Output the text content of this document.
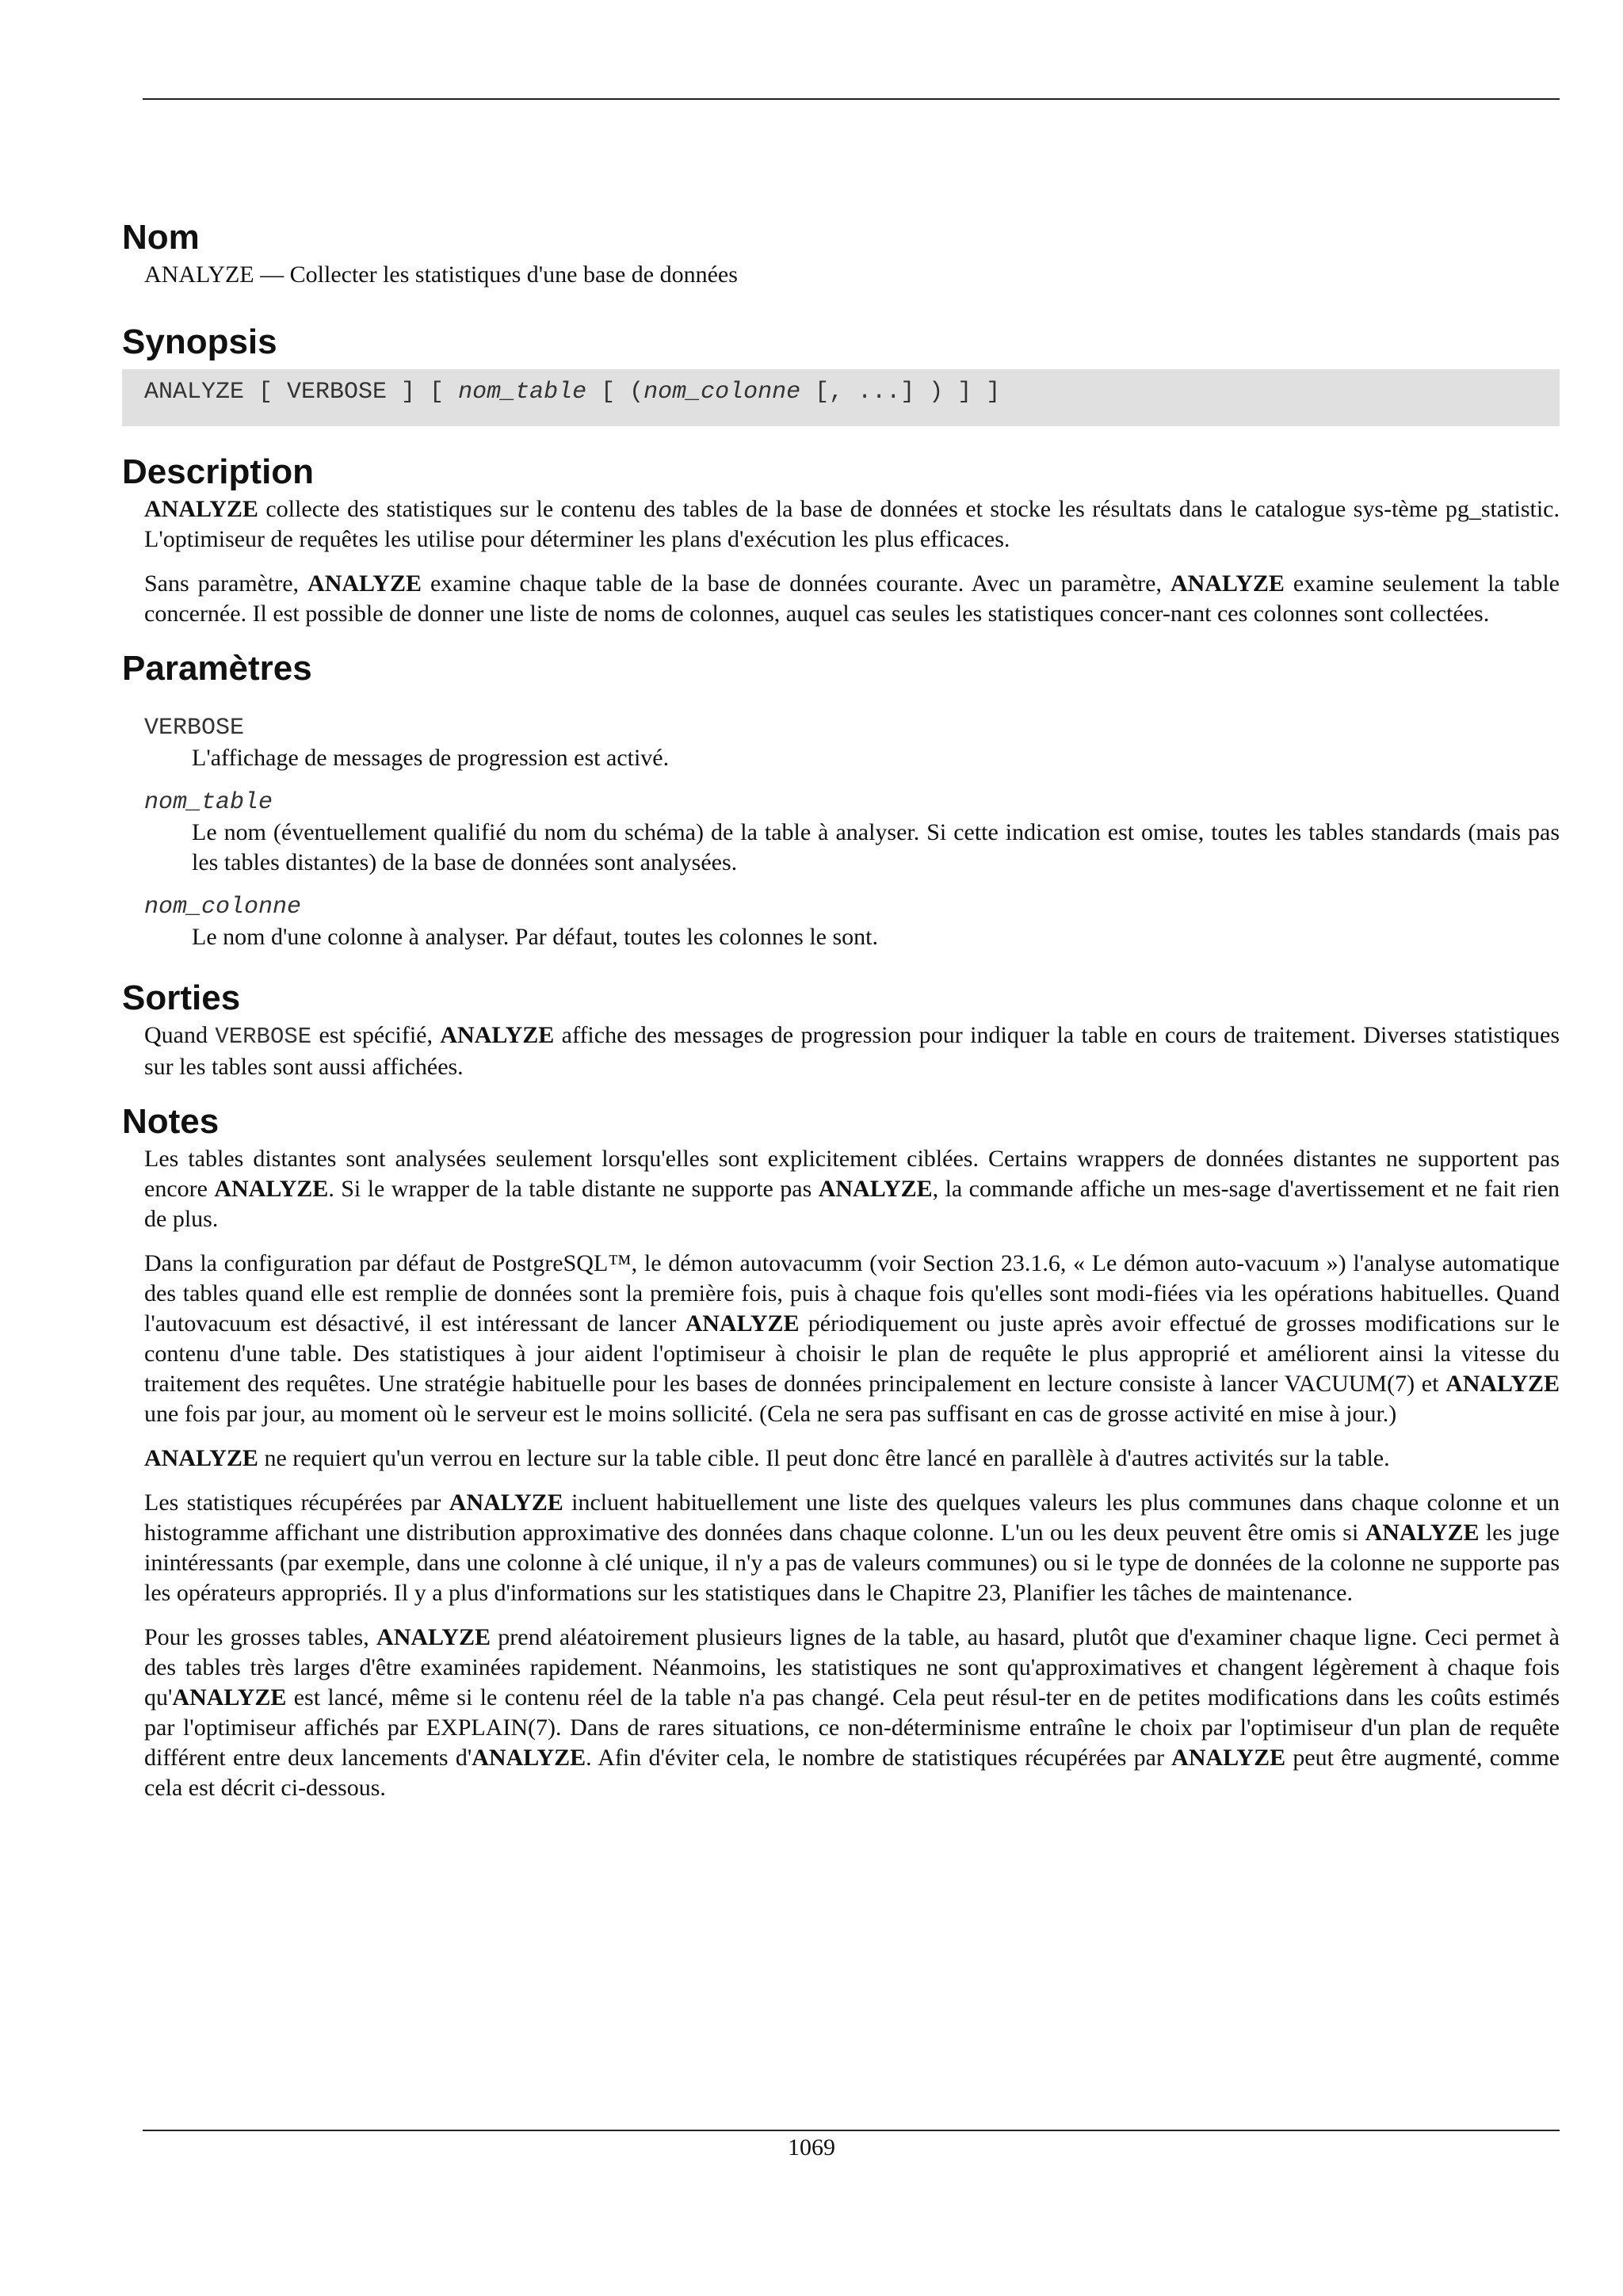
Nom

ANALYZE — Collecter les statistiques d'une base de données

Synopsis
ANALYZE [ VERBOSE ] [ nom_table [ (nom_colonne [, ...] ) ] ]
Description

ANALYZE collecte des statistiques sur le contenu des tables de la base de données et stocke les résultats dans le catalogue sys-tème pg_statistic. L'optimiseur de requêtes les utilise pour déterminer les plans d'exécution les plus efficaces.

Sans paramètre, ANALYZE examine chaque table de la base de données courante. Avec un paramètre, ANALYZE examine seulement la table concernée. Il est possible de donner une liste de noms de colonnes, auquel cas seules les statistiques concer-nant ces colonnes sont collectées.

Paramètres
VERBOSE
L'affichage de messages de progression est activé.
nom_table
Le nom (éventuellement qualifié du nom du schéma) de la table à analyser. Si cette indication est omise, toutes les tables standards (mais pas les tables distantes) de la base de données sont analysées.
nom_colonne
Le nom d'une colonne à analyser. Par défaut, toutes les colonnes le sont.
Sorties

Quand VERBOSE est spécifié, ANALYZE affiche des messages de progression pour indiquer la table en cours de traitement. Diverses statistiques sur les tables sont aussi affichées.

Notes

Les tables distantes sont analysées seulement lorsqu'elles sont explicitement ciblées. Certains wrappers de données distantes ne supportent pas encore ANALYZE. Si le wrapper de la table distante ne supporte pas ANALYZE, la commande affiche un mes-sage d'avertissement et ne fait rien de plus.

Dans la configuration par défaut de PostgreSQL™, le démon autovacumm (voir Section 23.1.6, « Le démon auto-vacuum ») l'analyse automatique des tables quand elle est remplie de données sont la première fois, puis à chaque fois qu'elles sont modi-fiées via les opérations habituelles. Quand l'autovacuum est désactivé, il est intéressant de lancer ANALYZE périodiquement ou juste après avoir effectué de grosses modifications sur le contenu d'une table. Des statistiques à jour aident l'optimiseur à choisir le plan de requête le plus approprié et améliorent ainsi la vitesse du traitement des requêtes. Une stratégie habituelle pour les bases de données principalement en lecture consiste à lancer VACUUM(7) et ANALYZE une fois par jour, au moment où le serveur est le moins sollicité. (Cela ne sera pas suffisant en cas de grosse activité en mise à jour.)

ANALYZE ne requiert qu'un verrou en lecture sur la table cible. Il peut donc être lancé en parallèle à d'autres activités sur la table.

Les statistiques récupérées par ANALYZE incluent habituellement une liste des quelques valeurs les plus communes dans chaque colonne et un histogramme affichant une distribution approximative des données dans chaque colonne. L'un ou les deux peuvent être omis si ANALYZE les juge inintéressants (par exemple, dans une colonne à clé unique, il n'y a pas de valeurs communes) ou si le type de données de la colonne ne supporte pas les opérateurs appropriés. Il y a plus d'informations sur les statistiques dans le Chapitre 23, Planifier les tâches de maintenance.

Pour les grosses tables, ANALYZE prend aléatoirement plusieurs lignes de la table, au hasard, plutôt que d'examiner chaque ligne. Ceci permet à des tables très larges d'être examinées rapidement. Néanmoins, les statistiques ne sont qu'approximatives et changent légèrement à chaque fois qu'ANALYZE est lancé, même si le contenu réel de la table n'a pas changé. Cela peut résul-ter en de petites modifications dans les coûts estimés par l'optimiseur affichés par EXPLAIN(7). Dans de rares situations, ce non-déterminisme entraîne le choix par l'optimiseur d'un plan de requête différent entre deux lancements d'ANALYZE. Afin d'éviter cela, le nombre de statistiques récupérées par ANALYZE peut être augmenté, comme cela est décrit ci-dessous.

1069
